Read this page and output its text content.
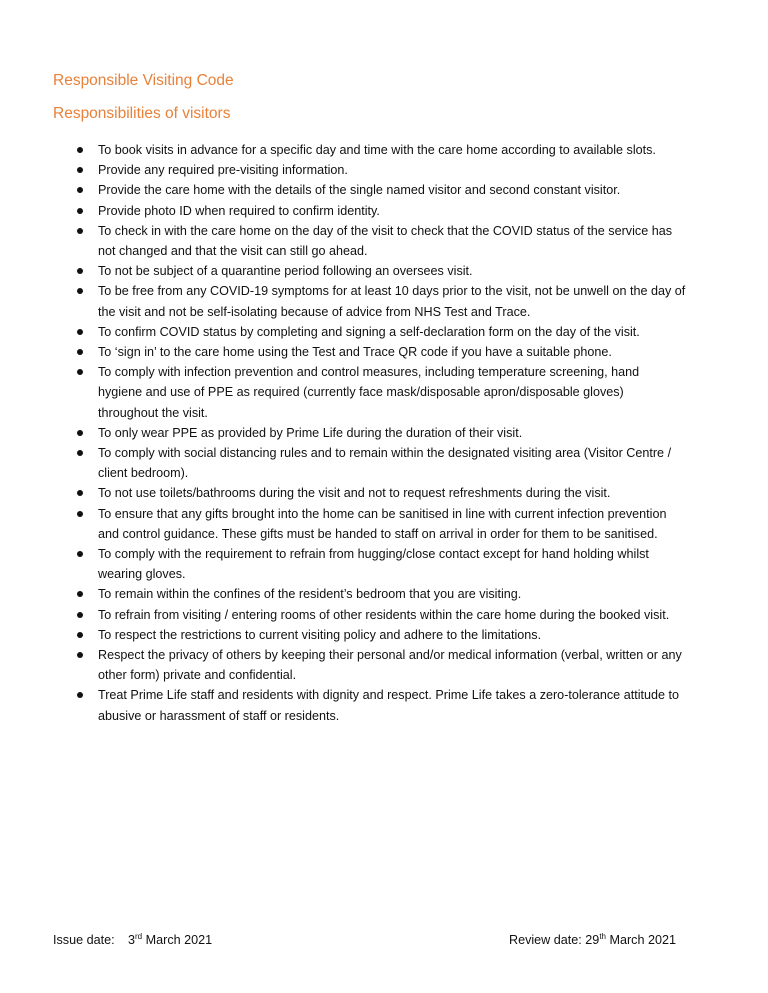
Responsible Visiting Code
Responsibilities of visitors
To book visits in advance for a specific day and time with the care home according to available slots.
Provide any required pre-visiting information.
Provide the care home with the details of the single named visitor and second constant visitor.
Provide photo ID when required to confirm identity.
To check in with the care home on the day of the visit to check that the COVID status of the service has not changed and that the visit can still go ahead.
To not be subject of a quarantine period following an oversees visit.
To be free from any COVID-19 symptoms for at least 10 days prior to the visit, not be unwell on the day of the visit and not be self-isolating because of advice from NHS Test and Trace.
To confirm COVID status by completing and signing a self-declaration form on the day of the visit.
To ‘sign in’ to the care home using the Test and Trace QR code if you have a suitable phone.
To comply with infection prevention and control measures, including temperature screening, hand hygiene and use of PPE as required (currently face mask/disposable apron/disposable gloves) throughout the visit.
To only wear PPE as provided by Prime Life during the duration of their visit.
To comply with social distancing rules and to remain within the designated visiting area (Visitor Centre / client bedroom).
To not use toilets/bathrooms during the visit and not to request refreshments during the visit.
To ensure that any gifts brought into the home can be sanitised in line with current infection prevention and control guidance. These gifts must be handed to staff on arrival in order for them to be sanitised.
To comply with the requirement to refrain from hugging/close contact except for hand holding whilst wearing gloves.
To remain within the confines of the resident’s bedroom that you are visiting.
To refrain from visiting / entering rooms of other residents within the care home during the booked visit.
To respect the restrictions to current visiting policy and adhere to the limitations.
Respect the privacy of others by keeping their personal and/or medical information (verbal, written or any other form) private and confidential.
Treat Prime Life staff and residents with dignity and respect. Prime Life takes a zero-tolerance attitude to abusive or harassment of staff or residents.
Issue date: 3rd March 2021	Review date: 29th March 2021
